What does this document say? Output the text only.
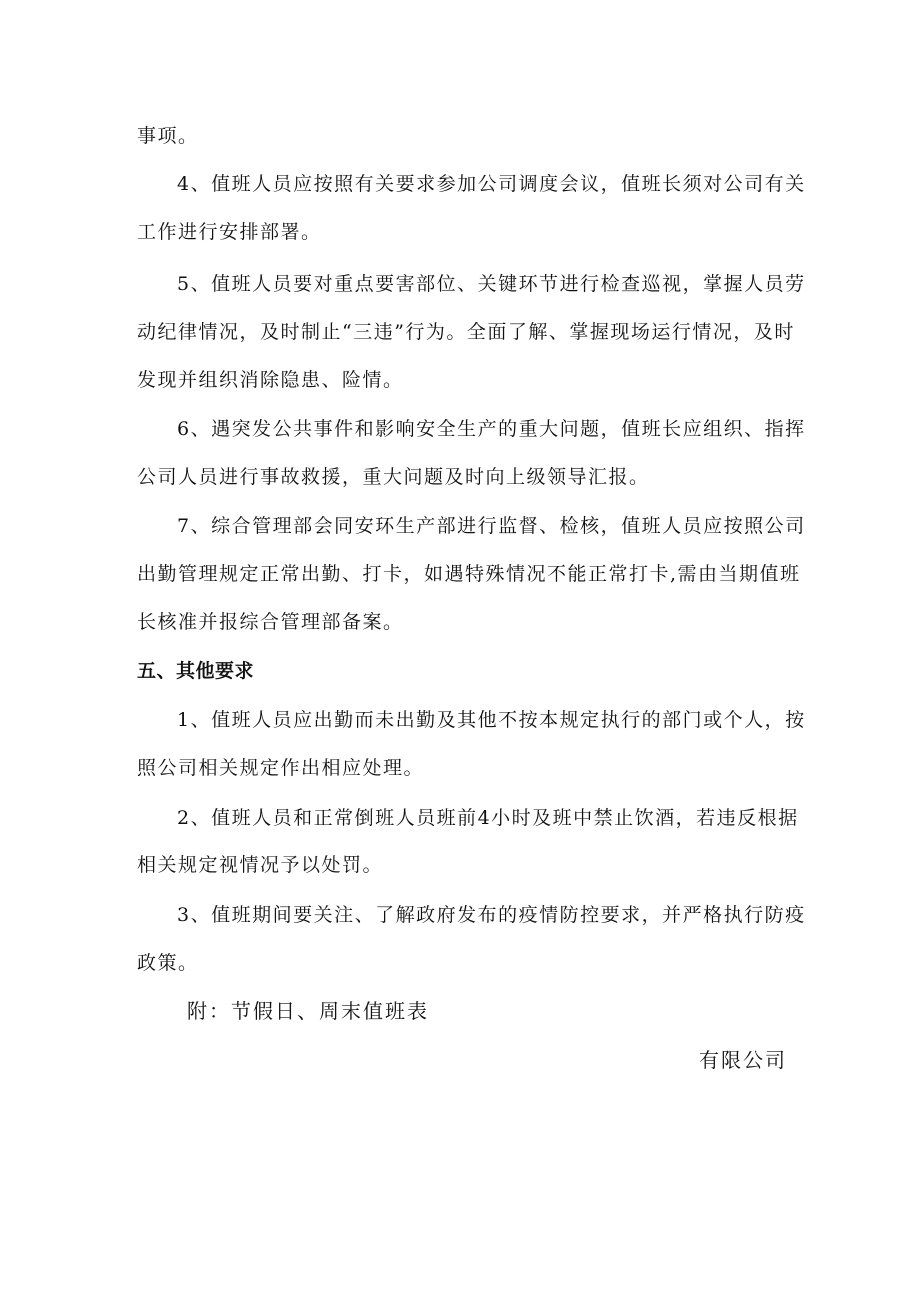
事项。
4、值班人员应按照有关要求参加公司调度会议，值班长须对公司有关
工作进行安排部署。
5、值班人员要对重点要害部位、关键环节进行检查巡视，掌握人员劳
动纪律情况，及时制止“三违”行为。全面了解、掌握现场运行情况，及时
发现并组织消除隐患、险情。
6、遇突发公共事件和影响安全生产的重大问题，值班长应组织、指挥
公司人员进行事故救援，重大问题及时向上级领导汇报。
7、综合管理部会同安环生产部进行监督、检核，值班人员应按照公司
出勤管理规定正常出勤、打卡，如遇特殊情况不能正常打卡,需由当期值班
长核准并报综合管理部备案。
五、其他要求
1、值班人员应出勤而未出勤及其他不按本规定执行的部门或个人，按
照公司相关规定作出相应处理。
2、值班人员和正常倒班人员班前4小时及班中禁止饮酒，若违反根据
相关规定视情况予以处罚。
3、值班期间要关注、了解政府发布的疫情防控要求，并严格执行防疫
政策。
附：节假日、周末值班表
有限公司
